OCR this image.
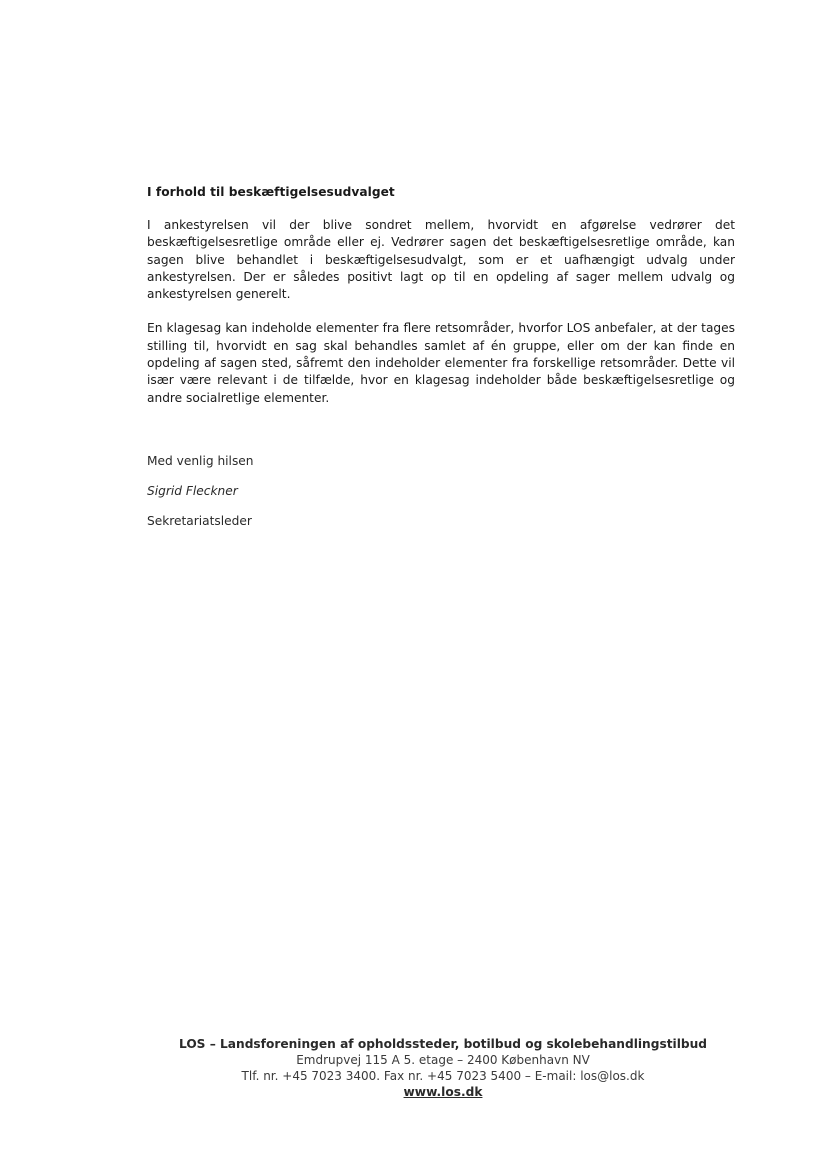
I forhold til beskæftigelsesudvalget

I ankestyrelsen vil der blive sondret mellem, hvorvidt en afgørelse vedrører det beskæftigelsesretlige område eller ej. Vedrører sagen det beskæftigelsesretlige område, kan sagen blive behandlet i beskæftigelsesudvalgt, som er et uafhængigt udvalg under ankestyrelsen. Der er således positivt lagt op til en opdeling af sager mellem udvalg og ankestyrelsen generelt.

En klagesag kan indeholde elementer fra flere retsområder, hvorfor LOS anbefaler, at der tages stilling til, hvorvidt en sag skal behandles samlet af én gruppe, eller om der kan finde en opdeling af sagen sted, såfremt den indeholder elementer fra forskellige retsområder. Dette vil især være relevant i de tilfælde, hvor en klagesag indeholder både beskæftigelsesretlige og andre socialretlige elementer.

Med venlig hilsen
Sigrid Fleckner
Sekretariatsleder
LOS – Landsforeningen af opholdssteder, botilbud og skolebehandlingstilbud
Emdrupvej 115 A 5. etage – 2400 København NV
Tlf. nr. +45 7023 3400. Fax nr. +45 7023 5400 – E-mail: los@los.dk
www.los.dk
